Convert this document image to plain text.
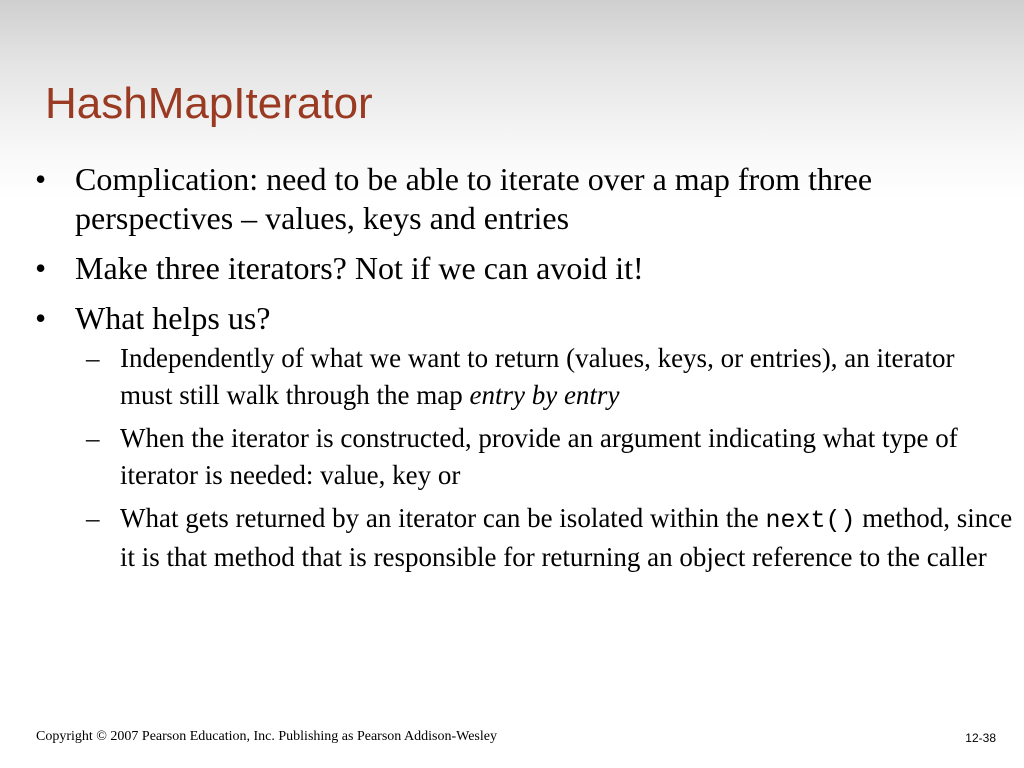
HashMapIterator
• Complication: need to be able to iterate over a map from three perspectives – values, keys and entries
• Make three iterators? Not if we can avoid it!
• What helps us?
– Independently of what we want to return (values, keys, or entries), an iterator must still walk through the map entry by entry
– When the iterator is constructed, provide an argument indicating what type of iterator is needed: value, key or
– What gets returned by an iterator can be isolated within the next() method, since it is that method that is responsible for returning an object reference to the caller
Copyright © 2007 Pearson Education, Inc. Publishing as Pearson Addison-Wesley	12-38
